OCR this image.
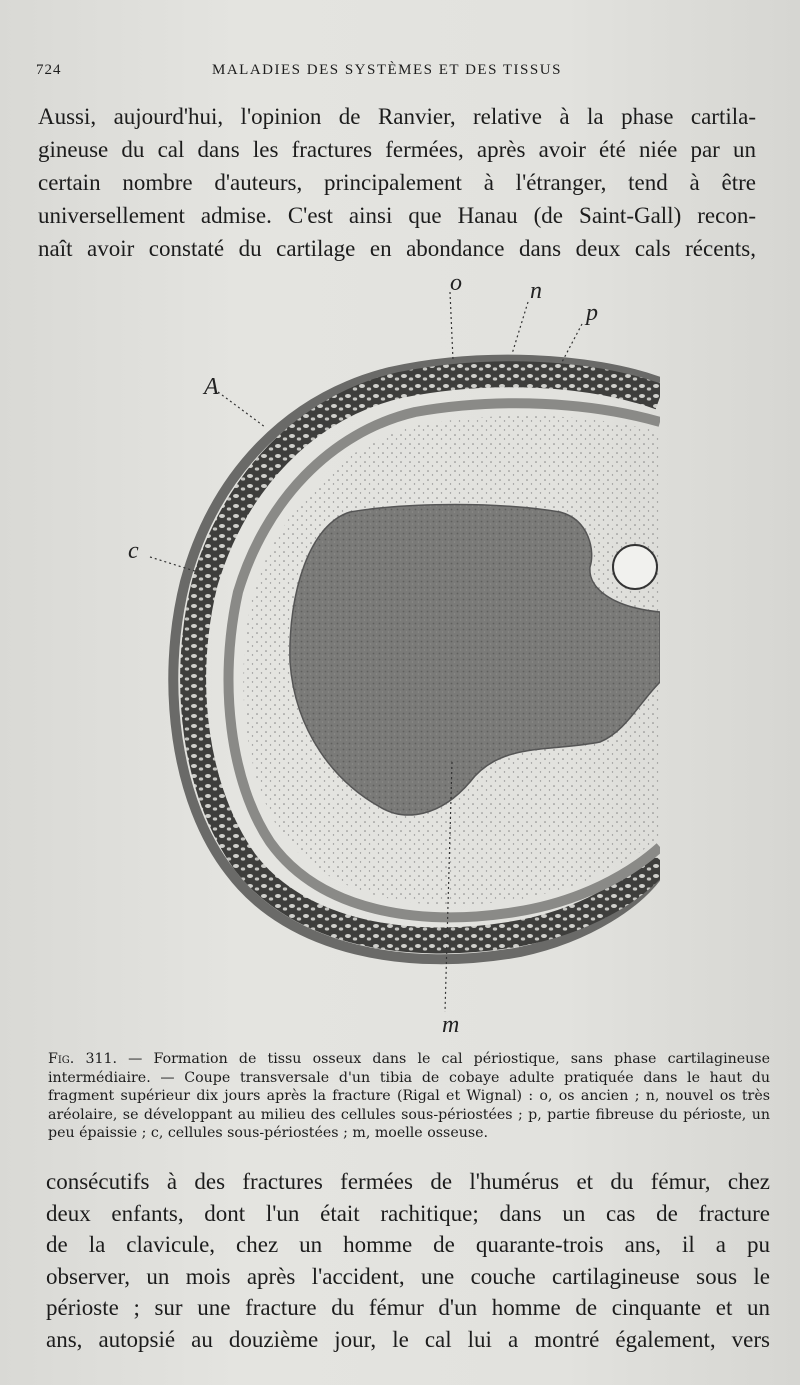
724	MALADIES DES SYSTÈMES ET DES TISSUS

Aussi, aujourd'hui, l'opinion de Ranvier, relative à la phase cartila-
gineuse du cal dans les fractures fermées, après avoir été niée par un
certain nombre d'auteurs, principalement à l'étranger, tend à être
universellement admise. C'est ainsi que Hanau (de Saint-Gall) recon-
naît avoir constaté du cartilage en abondance dans deux cals récents,

o	n
p
A
c
m
Fig. 311. — Formation de tissu osseux dans le cal périostique, sans phase cartilagineuse intermédiaire. — Coupe transversale d'un tibia de cobaye adulte pratiquée dans le haut du fragment supérieur dix jours après la fracture (Rigal et Wignal) : o, os ancien ; n, nouvel os très aréolaire, se développant au milieu des cellules sous-périostées ; p, partie fibreuse du périoste, un peu épaissie ; c, cellules sous-périostées ; m, moelle osseuse.

consécutifs à des fractures fermées de l'humérus et du fémur, chez
deux enfants, dont l'un était rachitique; dans un cas de fracture
de la clavicule, chez un homme de quarante-trois ans, il a pu
observer, un mois après l'accident, une couche cartilagineuse sous le
périoste ; sur une fracture du fémur d'un homme de cinquante et un
ans, autopsié au douzième jour, le cal lui a montré également, vers
